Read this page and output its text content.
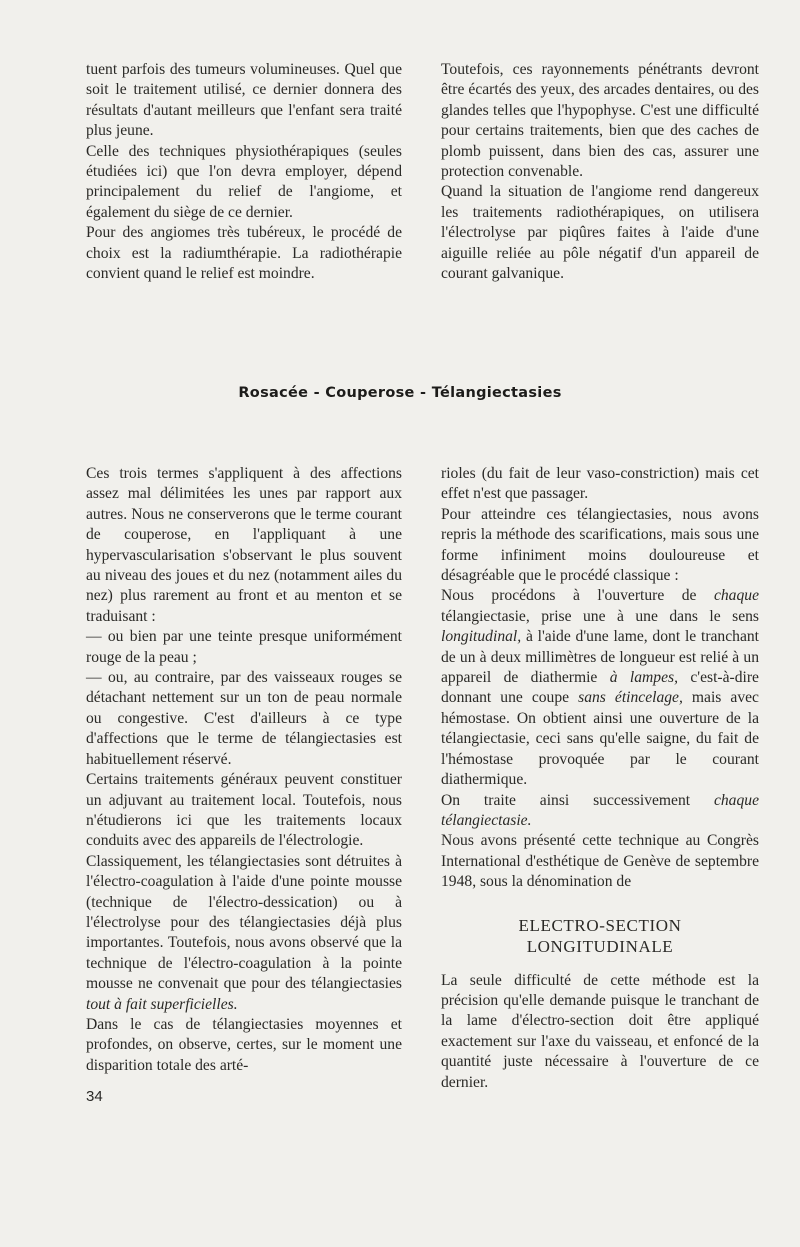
tuent parfois des tumeurs volumineuses. Quel que soit le traitement utilisé, ce dernier donnera des résultats d'autant meilleurs que l'enfant sera traité plus jeune.

Celle des techniques physiothérapiques (seules étudiées ici) que l'on devra employer, dépend principalement du relief de l'angiome, et également du siège de ce dernier.

Pour des angiomes très tubéreux, le procédé de choix est la radiumthérapie. La radiothérapie convient quand le relief est moindre.

Toutefois, ces rayonnements pénétrants devront être écartés des yeux, des arcades dentaires, ou des glandes telles que l'hypophyse. C'est une difficulté pour certains traitements, bien que des caches de plomb puissent, dans bien des cas, assurer une protection convenable.

Quand la situation de l'angiome rend dangereux les traitements radiothérapiques, on utilisera l'électrolyse par piqûres faites à l'aide d'une aiguille reliée au pôle négatif d'un appareil de courant galvanique.

Rosacée - Couperose - Télangiectasies

Ces trois termes s'appliquent à des affections assez mal délimitées les unes par rapport aux autres. Nous ne conserverons que le terme courant de couperose, en l'appliquant à une hypervascularisation s'observant le plus souvent au niveau des joues et du nez (notamment ailes du nez) plus rarement au front et au menton et se traduisant :

— ou bien par une teinte presque uniformément rouge de la peau ;

— ou, au contraire, par des vaisseaux rouges se détachant nettement sur un ton de peau normale ou congestive. C'est d'ailleurs à ce type d'affections que le terme de télangiectasies est habituellement réservé.

Certains traitements généraux peuvent constituer un adjuvant au traitement local. Toutefois, nous n'étudierons ici que les traitements locaux conduits avec des appareils de l'électrologie.

Classiquement, les télangiectasies sont détruites à l'électro-coagulation à l'aide d'une pointe mousse (technique de l'électro-dessication) ou à l'électrolyse pour des télangiectasies déjà plus importantes. Toutefois, nous avons observé que la technique de l'électro-coagulation à la pointe mousse ne convenait que pour des télangiectasies tout à fait superficielles.

Dans le cas de télangiectasies moyennes et profondes, on observe, certes, sur le moment une disparition totale des arté-

rioles (du fait de leur vaso-constriction) mais cet effet n'est que passager.

Pour atteindre ces télangiectasies, nous avons repris la méthode des scarifications, mais sous une forme infiniment moins douloureuse et désagréable que le procédé classique :

Nous procédons à l'ouverture de chaque télangiectasie, prise une à une dans le sens longitudinal, à l'aide d'une lame, dont le tranchant de un à deux millimètres de longueur est relié à un appareil de diathermie à lampes, c'est-à-dire donnant une coupe sans étincelage, mais avec hémostase. On obtient ainsi une ouverture de la télangiectasie, ceci sans qu'elle saigne, du fait de l'hémostase provoquée par le courant diathermique.

On traite ainsi successivement chaque télangiectasie.

Nous avons présenté cette technique au Congrès International d'esthétique de Genève de septembre 1948, sous la dénomination de

ELECTRO-SECTION
LONGITUDINALE

La seule difficulté de cette méthode est la précision qu'elle demande puisque le tranchant de la lame d'électro-section doit être appliqué exactement sur l'axe du vaisseau, et enfoncé de la quantité juste nécessaire à l'ouverture de ce dernier.

34
